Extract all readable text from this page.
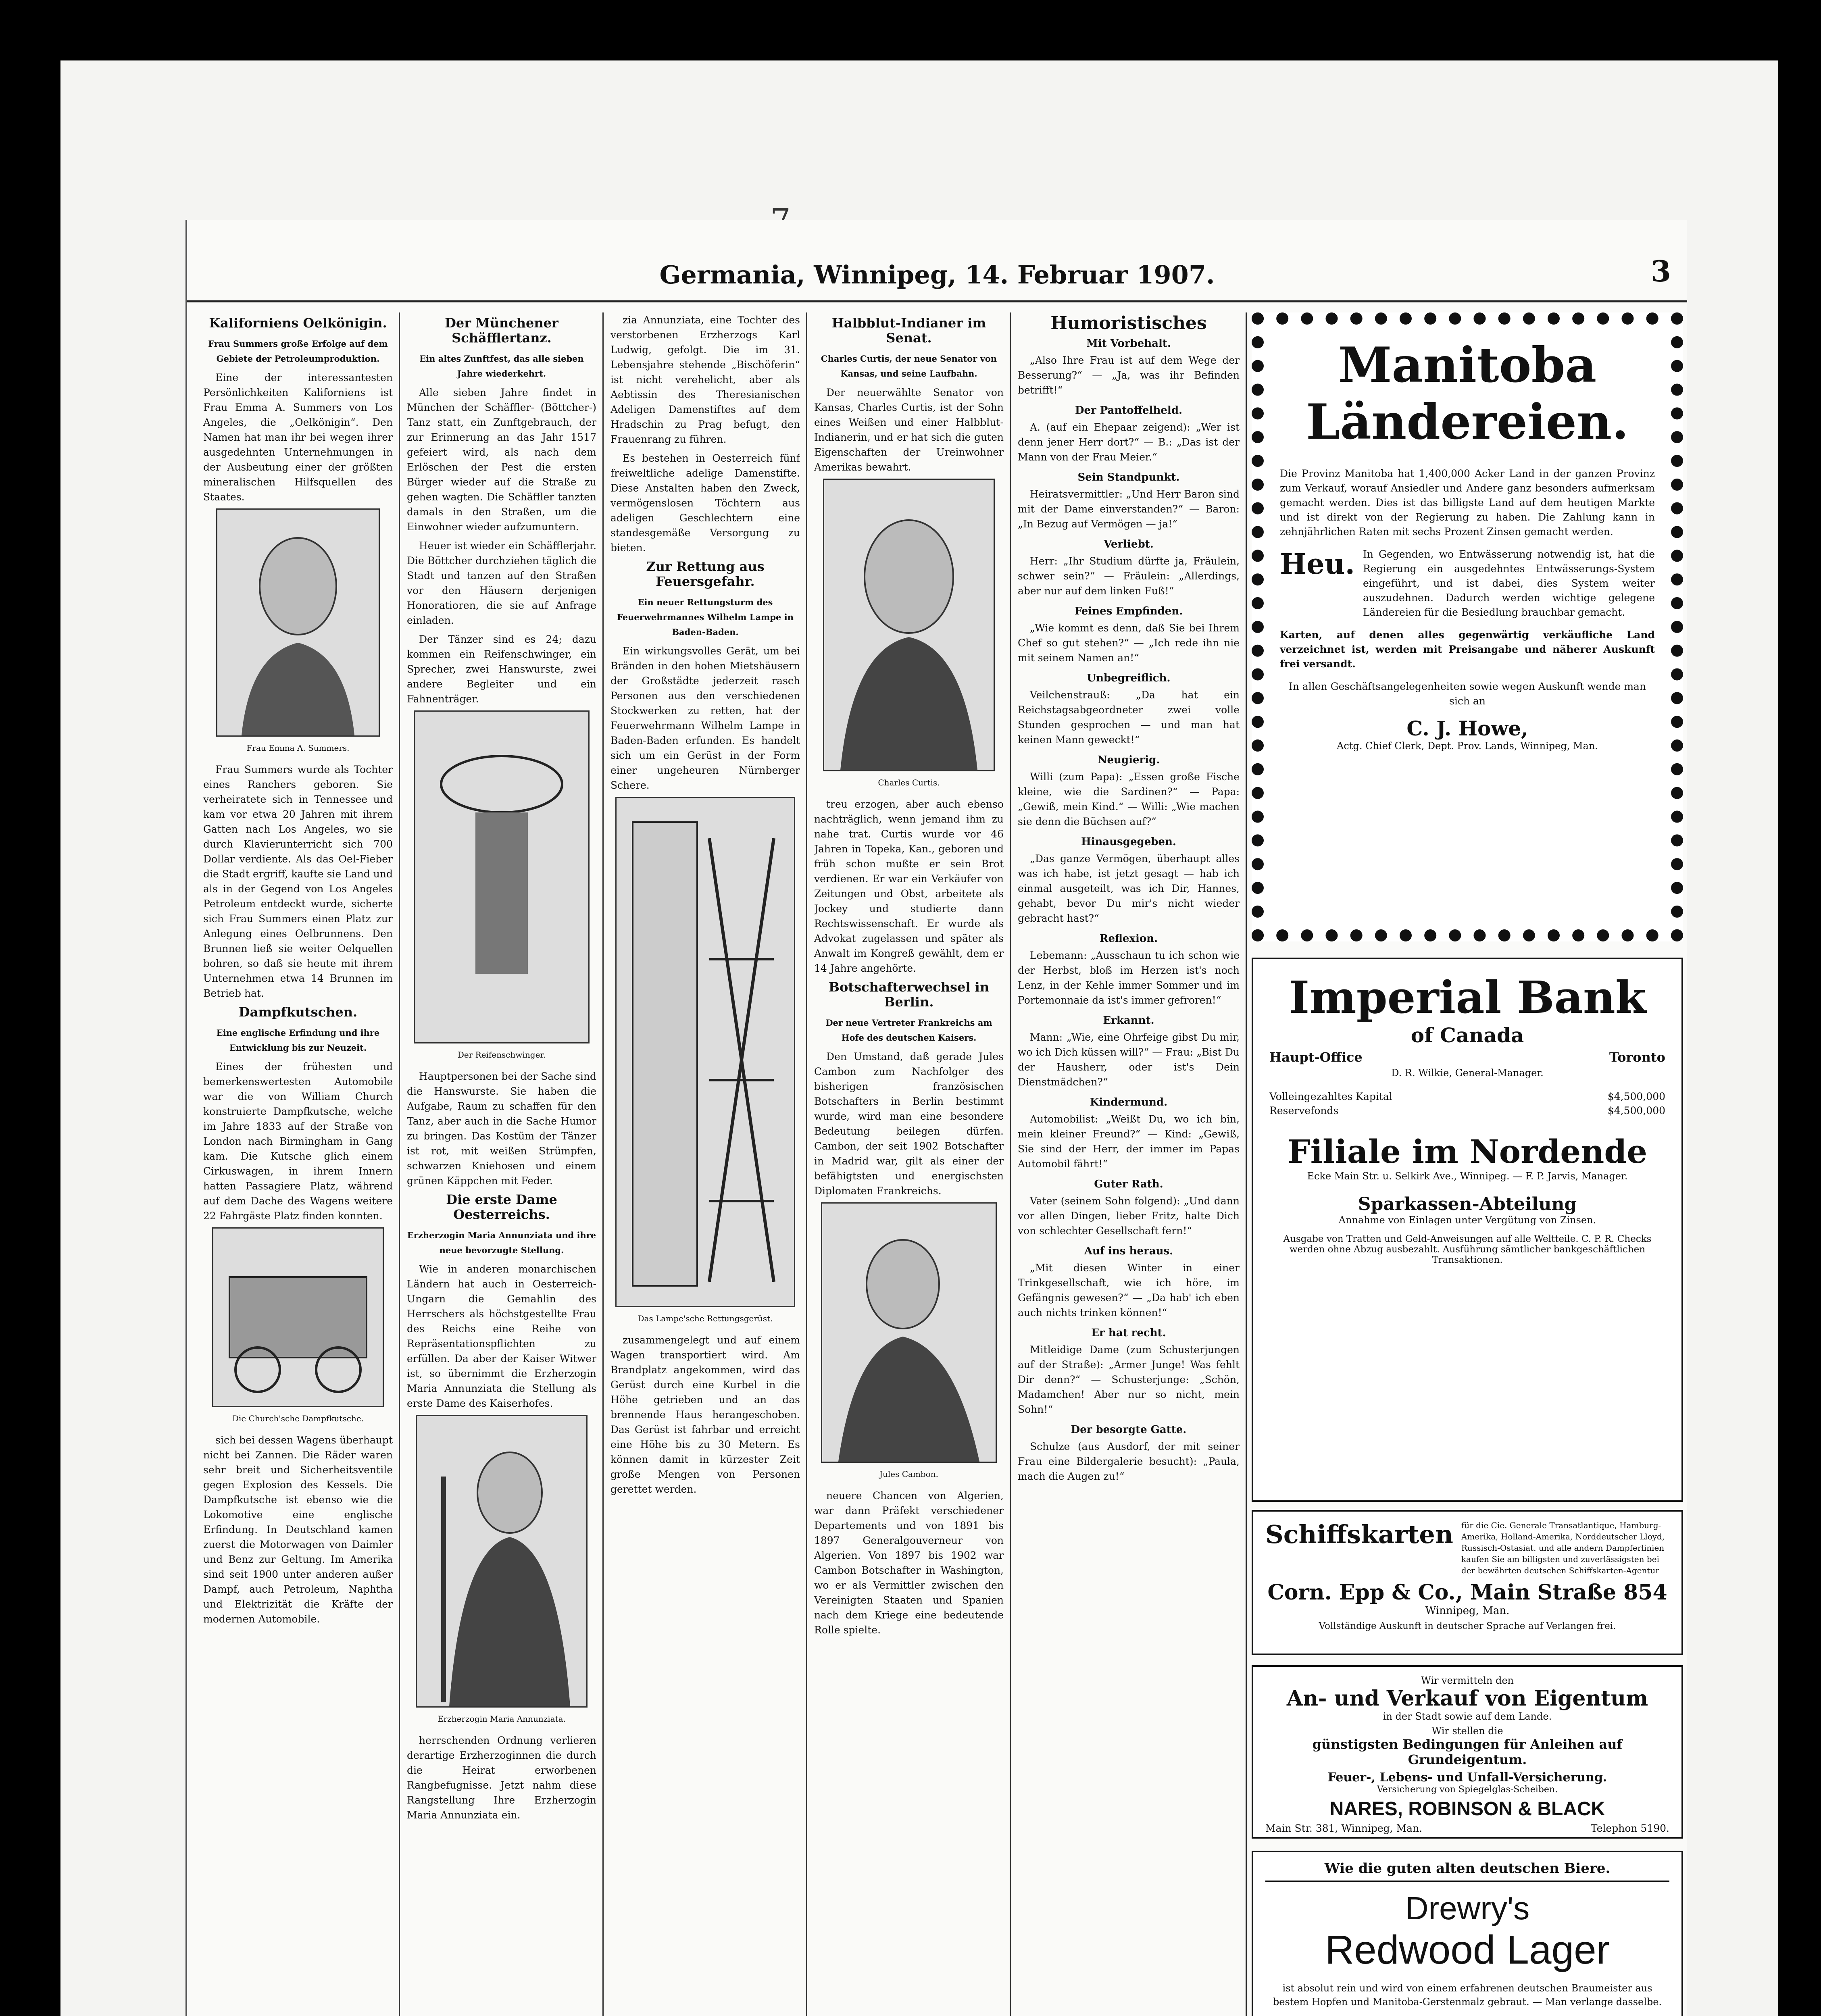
Germania, Winnipeg, 14. Februar 1907.	3
Kaliforniens Oelkönigin.
Frau Summers große Erfolge auf dem Gebiete der Petroleumproduktion.

Eine der interessantesten Persönlichkeiten Kaliforniens ist Frau Emma A. Summers von Los Angeles, die „Oelkönigin“. Den Namen hat man ihr bei wegen ihrer ausgedehnten Unternehmungen in der Ausbeutung einer der größten mineralischen Hilfsquellen des Staates.

Frau Emma A. Summers.

Frau Summers wurde als Tochter eines Ranchers geboren. Sie verheiratete sich in Tennessee und kam vor etwa 20 Jahren mit ihrem Gatten nach Los Angeles, wo sie durch Klavierunterricht sich 700 Dollar verdiente. Als das Oel-Fieber die Stadt ergriff, kaufte sie Land und als in der Gegend von Los Angeles Petroleum entdeckt wurde, sicherte sich Frau Summers einen Platz zur Anlegung eines Oelbrunnens. Den Brunnen ließ sie weiter Oelquellen bohren, so daß sie heute mit ihrem Unternehmen etwa 14 Brunnen im Betrieb hat.

Dampfkutschen.
Eine englische Erfindung und ihre Entwicklung bis zur Neuzeit.

Eines der frühesten und bemerkenswertesten Automobile war die von William Church konstruierte Dampfkutsche, welche im Jahre 1833 auf der Straße von London nach Birmingham in Gang kam. Die Kutsche glich einem Cirkuswagen, in ihrem Innern hatten Passagiere Platz, während auf dem Dache des Wagens weitere 22 Fahrgäste Platz finden konnten.

Die Church'sche Dampfkutsche.

sich bei dessen Wagens überhaupt nicht bei Zannen. Die Räder waren sehr breit und Sicherheitsventile gegen Explosion des Kessels. Die Dampfkutsche ist ebenso wie die Lokomotive eine englische Erfindung. In Deutschland kamen zuerst die Motorwagen von Daimler und Benz zur Geltung. Im Amerika sind seit 1900 unter anderen außer Dampf, auch Petroleum, Naphtha und Elektrizität die Kräfte der modernen Automobile.

Der Münchener Schäfflertanz.
Ein altes Zunftfest, das alle sieben Jahre wiederkehrt.

Alle sieben Jahre findet in München der Schäffler- (Böttcher-) Tanz statt, ein Zunftgebrauch, der zur Erinnerung an das Jahr 1517 gefeiert wird, als nach dem Erlöschen der Pest die ersten Bürger wieder auf die Straße zu gehen wagten. Die Schäffler tanzten damals in den Straßen, um die Einwohner wieder aufzumuntern.

Heuer ist wieder ein Schäfflerjahr. Die Böttcher durchziehen täglich die Stadt und tanzen auf den Straßen vor den Häusern derjenigen Honoratioren, die sie auf Anfrage einladen.

Der Tänzer sind es 24; dazu kommen ein Reifenschwinger, ein Sprecher, zwei Hanswurste, zwei andere Begleiter und ein Fahnenträger.

Der Reifenschwinger.

Hauptpersonen bei der Sache sind die Hanswurste. Sie haben die Aufgabe, Raum zu schaffen für den Tanz, aber auch in die Sache Humor zu bringen. Das Kostüm der Tänzer ist rot, mit weißen Strümpfen, schwarzen Kniehosen und einem grünen Käppchen mit Feder.

Die erste Dame Oesterreichs.
Erzherzogin Maria Annunziata und ihre neue bevorzugte Stellung.

Wie in anderen monarchischen Ländern hat auch in Oesterreich-Ungarn die Gemahlin des Herrschers als höchstgestellte Frau des Reichs eine Reihe von Repräsentationspflichten zu erfüllen. Da aber der Kaiser Witwer ist, so übernimmt die Erzherzogin Maria Annunziata die Stellung als erste Dame des Kaiserhofes.

Erzherzogin Maria Annunziata.

herrschenden Ordnung verlieren derartige Erzherzoginnen die durch die Heirat erworbenen Rangbefugnisse. Jetzt nahm diese Rangstellung Ihre Erzherzogin Maria Annunziata ein.

zia Annunziata, eine Tochter des verstorbenen Erzherzogs Karl Ludwig, gefolgt. Die im 31. Lebensjahre stehende „Bischöferin“ ist nicht verehelicht, aber als Aebtissin des Theresianischen Adeligen Damenstiftes auf dem Hradschin zu Prag befugt, den Frauenrang zu führen.

Es bestehen in Oesterreich fünf freiweltliche adelige Damenstifte. Diese Anstalten haben den Zweck, vermögenslosen Töchtern aus adeligen Geschlechtern eine standesgemäße Versorgung zu bieten.

Zur Rettung aus Feuersgefahr.
Ein neuer Rettungsturm des Feuerwehrmannes Wilhelm Lampe in Baden-Baden.

Ein wirkungsvolles Gerät, um bei Bränden in den hohen Mietshäusern der Großstädte jederzeit rasch Personen aus den verschiedenen Stockwerken zu retten, hat der Feuerwehrmann Wilhelm Lampe in Baden-Baden erfunden. Es handelt sich um ein Gerüst in der Form einer ungeheuren Nürnberger Schere.

Das Lampe'sche Rettungsgerüst.

zusammengelegt und auf einem Wagen transportiert wird. Am Brandplatz angekommen, wird das Gerüst durch eine Kurbel in die Höhe getrieben und an das brennende Haus herangeschoben. Das Gerüst ist fahrbar und erreicht eine Höhe bis zu 30 Metern. Es können damit in kürzester Zeit große Mengen von Personen gerettet werden.

Halbblut-Indianer im Senat.
Charles Curtis, der neue Senator von Kansas, und seine Laufbahn.

Der neuerwählte Senator von Kansas, Charles Curtis, ist der Sohn eines Weißen und einer Halbblut-Indianerin, und er hat sich die guten Eigenschaften der Ureinwohner Amerikas bewahrt.

Charles Curtis.

treu erzogen, aber auch ebenso nachträglich, wenn jemand ihm zu nahe trat. Curtis wurde vor 46 Jahren in Topeka, Kan., geboren und früh schon mußte er sein Brot verdienen. Er war ein Verkäufer von Zeitungen und Obst, arbeitete als Jockey und studierte dann Rechtswissenschaft. Er wurde als Advokat zugelassen und später als Anwalt im Kongreß gewählt, dem er 14 Jahre angehörte.

Botschafterwechsel in Berlin.
Der neue Vertreter Frankreichs am Hofe des deutschen Kaisers.

Den Umstand, daß gerade Jules Cambon zum Nachfolger des bisherigen französischen Botschafters in Berlin bestimmt wurde, wird man eine besondere Bedeutung beilegen dürfen. Cambon, der seit 1902 Botschafter in Madrid war, gilt als einer der befähigtsten und energischsten Diplomaten Frankreichs.

Jules Cambon.

neuere Chancen von Algerien, war dann Präfekt verschiedener Departements und von 1891 bis 1897 Generalgouverneur von Algerien. Von 1897 bis 1902 war Cambon Botschafter in Washington, wo er als Vermittler zwischen den Vereinigten Staaten und Spanien nach dem Kriege eine bedeutende Rolle spielte.

Humoristisches
Mit Vorbehalt.

„Also Ihre Frau ist auf dem Wege der Besserung?“ — „Ja, was ihr Befinden betrifft!“

Der Pantoffelheld.

A. (auf ein Ehepaar zeigend): „Wer ist denn jener Herr dort?“ — B.: „Das ist der Mann von der Frau Meier.“

Sein Standpunkt.

Heiratsvermittler: „Und Herr Baron sind mit der Dame einverstanden?“ — Baron: „In Bezug auf Vermögen — ja!“

Verliebt.

Herr: „Ihr Studium dürfte ja, Fräulein, schwer sein?“ — Fräulein: „Allerdings, aber nur auf dem linken Fuß!“

Feines Empfinden.

„Wie kommt es denn, daß Sie bei Ihrem Chef so gut stehen?“ — „Ich rede ihn nie mit seinem Namen an!“

Unbegreiflich.

Veilchenstrauß: „Da hat ein Reichstagsabgeordneter zwei volle Stunden gesprochen — und man hat keinen Mann geweckt!“

Neugierig.

Willi (zum Papa): „Essen große Fische kleine, wie die Sardinen?“ — Papa: „Gewiß, mein Kind.“ — Willi: „Wie machen sie denn die Büchsen auf?“

Hinausgegeben.

„Das ganze Vermögen, überhaupt alles was ich habe, ist jetzt gesagt — hab ich einmal ausgeteilt, was ich Dir, Hannes, gehabt, bevor Du mir's nicht wieder gebracht hast?“

Reflexion.

Lebemann: „Ausschaun tu ich schon wie der Herbst, bloß im Herzen ist's noch Lenz, in der Kehle immer Sommer und im Portemonnaie da ist's immer gefroren!“

Erkannt.

Mann: „Wie, eine Ohrfeige gibst Du mir, wo ich Dich küssen will?“ — Frau: „Bist Du der Hausherr, oder ist's Dein Dienstmädchen?“

Kindermund.

Automobilist: „Weißt Du, wo ich bin, mein kleiner Freund?“ — Kind: „Gewiß, Sie sind der Herr, der immer im Papas Automobil fährt!“

Guter Rath.

Vater (seinem Sohn folgend): „Und dann vor allen Dingen, lieber Fritz, halte Dich von schlechter Gesellschaft fern!“

Auf ins heraus.

„Mit diesen Winter in einer Trinkgesellschaft, wie ich höre, im Gefängnis gewesen?“ — „Da hab' ich eben auch nichts trinken können!“

Er hat recht.

Mitleidige Dame (zum Schusterjungen auf der Straße): „Armer Junge! Was fehlt Dir denn?“ — Schusterjunge: „Schön, Madamchen! Aber nur so nicht, mein Sohn!“

Der besorgte Gatte.

Schulze (aus Ausdorf, der mit seiner Frau eine Bildergalerie besucht): „Paula, mach die Augen zu!“

Manitoba
Ländereien.
Die Provinz Manitoba hat 1,400,000 Acker Land in der ganzen Provinz zum Verkauf, worauf Ansiedler und Andere ganz besonders aufmerksam gemacht werden. Dies ist das billigste Land auf dem heutigen Markte und ist direkt von der Regierung zu haben. Die Zahlung kann in zehnjährlichen Raten mit sechs Prozent Zinsen gemacht werden.
Heu. In Gegenden, wo Entwässerung notwendig ist, hat die Regierung ein ausgedehntes Entwässerungs-System eingeführt, und ist dabei, dies System weiter auszudehnen. Dadurch werden wichtige gelegene Ländereien für die Besiedlung brauchbar gemacht.
Karten, auf denen alles gegenwärtig verkäufliche Land verzeichnet ist, werden mit Preisangabe und näherer Auskunft frei versandt.
In allen Geschäftsangelegenheiten sowie wegen Auskunft wende man sich an
C. J. Howe,
Actg. Chief Clerk, Dept. Prov. Lands, Winnipeg, Man.
Imperial Bank
of Canada
Haupt-Office	Toronto
D. R. Wilkie, General-Manager.
Volleingezahltes Kapital	$4,500,000
Reservefonds	$4,500,000
Filiale im Nordende
Ecke Main Str. u. Selkirk Ave., Winnipeg. — F. P. Jarvis, Manager.
Sparkassen-Abteilung
Annahme von Einlagen unter Vergütung von Zinsen.
Ausgabe von Tratten und Geld-Anweisungen auf alle Weltteile. C. P. R. Checks werden ohne Abzug ausbezahlt. Ausführung sämtlicher bankgeschäftlichen Transaktionen.
Schiffskarten für die Cie. Generale Transatlantique, Hamburg-Amerika, Holland-Amerika, Norddeutscher Lloyd, Russisch-Ostasiat. und alle andern Dampferlinien kaufen Sie am billigsten und zuverlässigsten bei der bewährten deutschen Schiffskarten-Agentur
Corn. Epp & Co., Main Straße 854
Winnipeg, Man.
Vollständige Auskunft in deutscher Sprache auf Verlangen frei.
Wir vermitteln den
An- und Verkauf von Eigentum
in der Stadt sowie auf dem Lande.
Wir stellen die
günstigsten Bedingungen für Anleihen auf Grundeigentum.
Feuer-, Lebens- und Unfall-Versicherung.
Versicherung von Spiegelglas-Scheiben.
NARES, ROBINSON & BLACK
Main Str. 381, Winnipeg, Man.	Telephon 5190.
Wie die guten alten deutschen Biere.
Drewry's
Redwood Lager
ist absolut rein und wird von einem erfahrenen deutschen Braumeister aus bestem Hopfen und Manitoba-Gerstenmalz gebraut. — Man verlange dasselbe.
